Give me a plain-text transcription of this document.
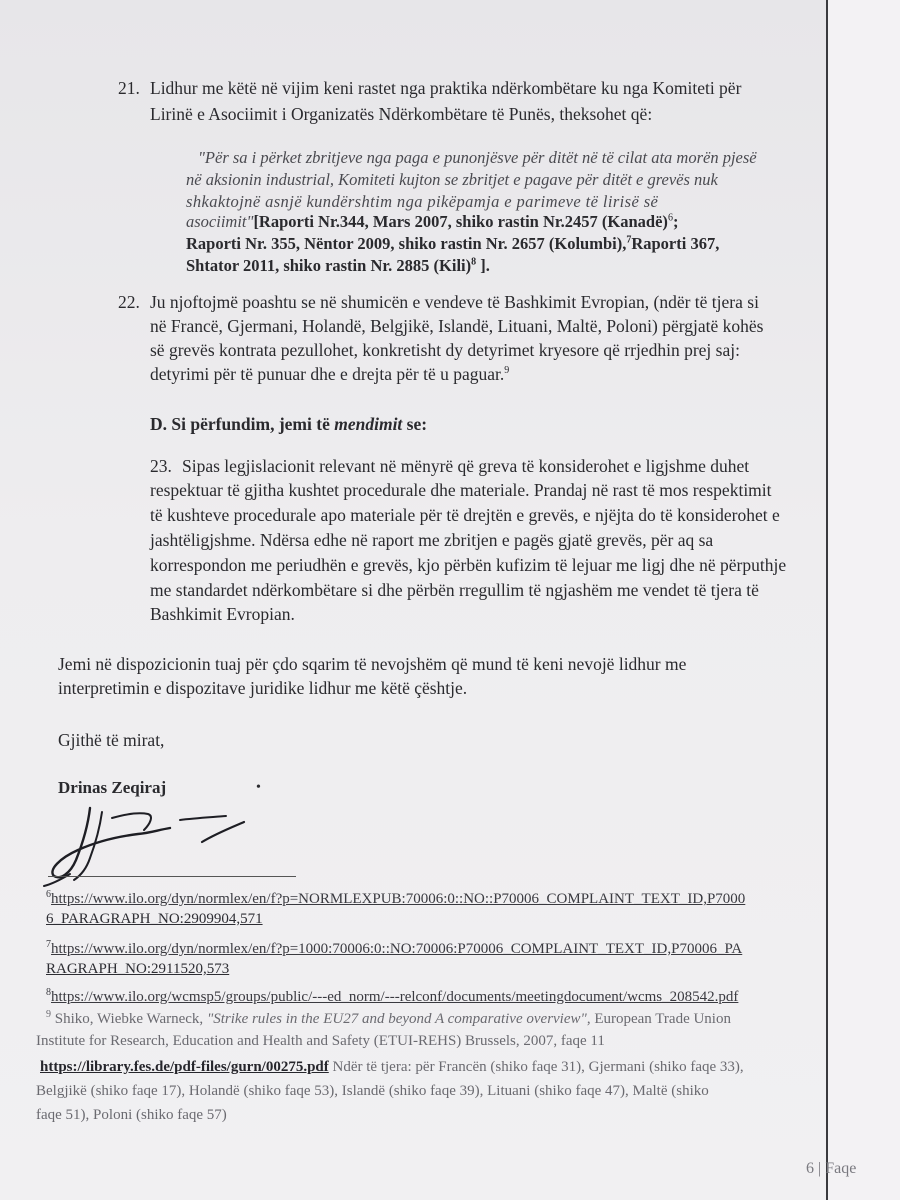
21. Lidhur me këtë në vijim keni rastet nga praktika ndërkombëtare ku nga Komiteti për
Lirinë e Asociimit i Organizatës Ndërkombëtare të Punës, theksohet që:
"Për sa i përket zbritjeve nga paga e punonjësve për ditët në të cilat ata morën pjesë
në aksionin industrial, Komiteti kujton se zbritjet e pagave për ditët e grevës nuk
shkaktojnë asnjë kundërshtim nga pikëpamja e parimeve të lirisë së
asociimit"[Raporti Nr.344, Mars 2007, shiko rastin Nr.2457 (Kanadë)$^6$;
Raporti Nr. 355, Nëntor 2009, shiko rastin Nr. 2657 (Kolumbi),$^7$Raporti 367,
Shtator 2011, shiko rastin Nr. 2885 (Kili)$^8$ ].
22. Ju njoftojmë poashtu se në shumicën e vendeve të Bashkimit Evropian, (ndër të tjera si
në Francë, Gjermani, Holandë, Belgjikë, Islandë, Lituani, Maltë, Poloni) përgjatë kohës
së grevës kontrata pezullohet, konkretisht dy detyrimet kryesore që rrjedhin prej saj:
detyrimi për të punuar dhe e drejta për të u paguar.$^9$
D. Si përfundim, jemi të mendimit se:
23. Sipas legjislacionit relevant në mënyrë që greva të konsiderohet e ligjshme duhet
respektuar të gjitha kushtet procedurale dhe materiale. Prandaj në rast të mos respektimit
të kushteve procedurale apo materiale për të drejtën e grevës, e njëjta do të konsiderohet e
jashtëligjshme. Ndërsa edhe në raport me zbritjen e pagës gjatë grevës, për aq sa
korrespondon me periudhën e grevës, kjo përbën kufizim të lejuar me ligj dhe në përputhje
me standardet ndërkombëtare si dhe përbën rregullim të ngjashëm me vendet të tjera të
Bashkimit Evropian.
Jemi në dispozicionin tuaj për çdo sqarim të nevojshëm që mund të keni nevojë lidhur me
interpretimin e dispozitave juridike lidhur me këtë çështje.
Gjithë të mirat,
Drinas Zeqiraj	•
$^6$https://www.ilo.org/dyn/normlex/en/f?p=NORMLEXPUB:70006:0::NO::P70006_COMPLAINT_TEXT_ID,P7000
6_PARAGRAPH_NO:2909904,571
$^7$https://www.ilo.org/dyn/normlex/en/f?p=1000:70006:0::NO:70006:P70006_COMPLAINT_TEXT_ID,P70006_PA
RAGRAPH_NO:2911520,573
$^8$https://www.ilo.org/wcmsp5/groups/public/---ed_norm/---relconf/documents/meetingdocument/wcms_208542.pdf
$^9$ Shiko, Wiebke Warneck, "Strike rules in the EU27 and beyond A comparative overview", European Trade Union
Institute for Research, Education and Health and Safety (ETUI-REHS) Brussels, 2007, faqe 11
https://library.fes.de/pdf-files/gurn/00275.pdf Ndër të tjera: për Francën (shiko faqe 31), Gjermani (shiko faqe 33),
Belgjikë (shiko faqe 17), Holandë (shiko faqe 53), Islandë (shiko faqe 39), Lituani (shiko faqe 47), Maltë (shiko
faqe 51), Poloni (shiko faqe 57)
6 | Faqe
